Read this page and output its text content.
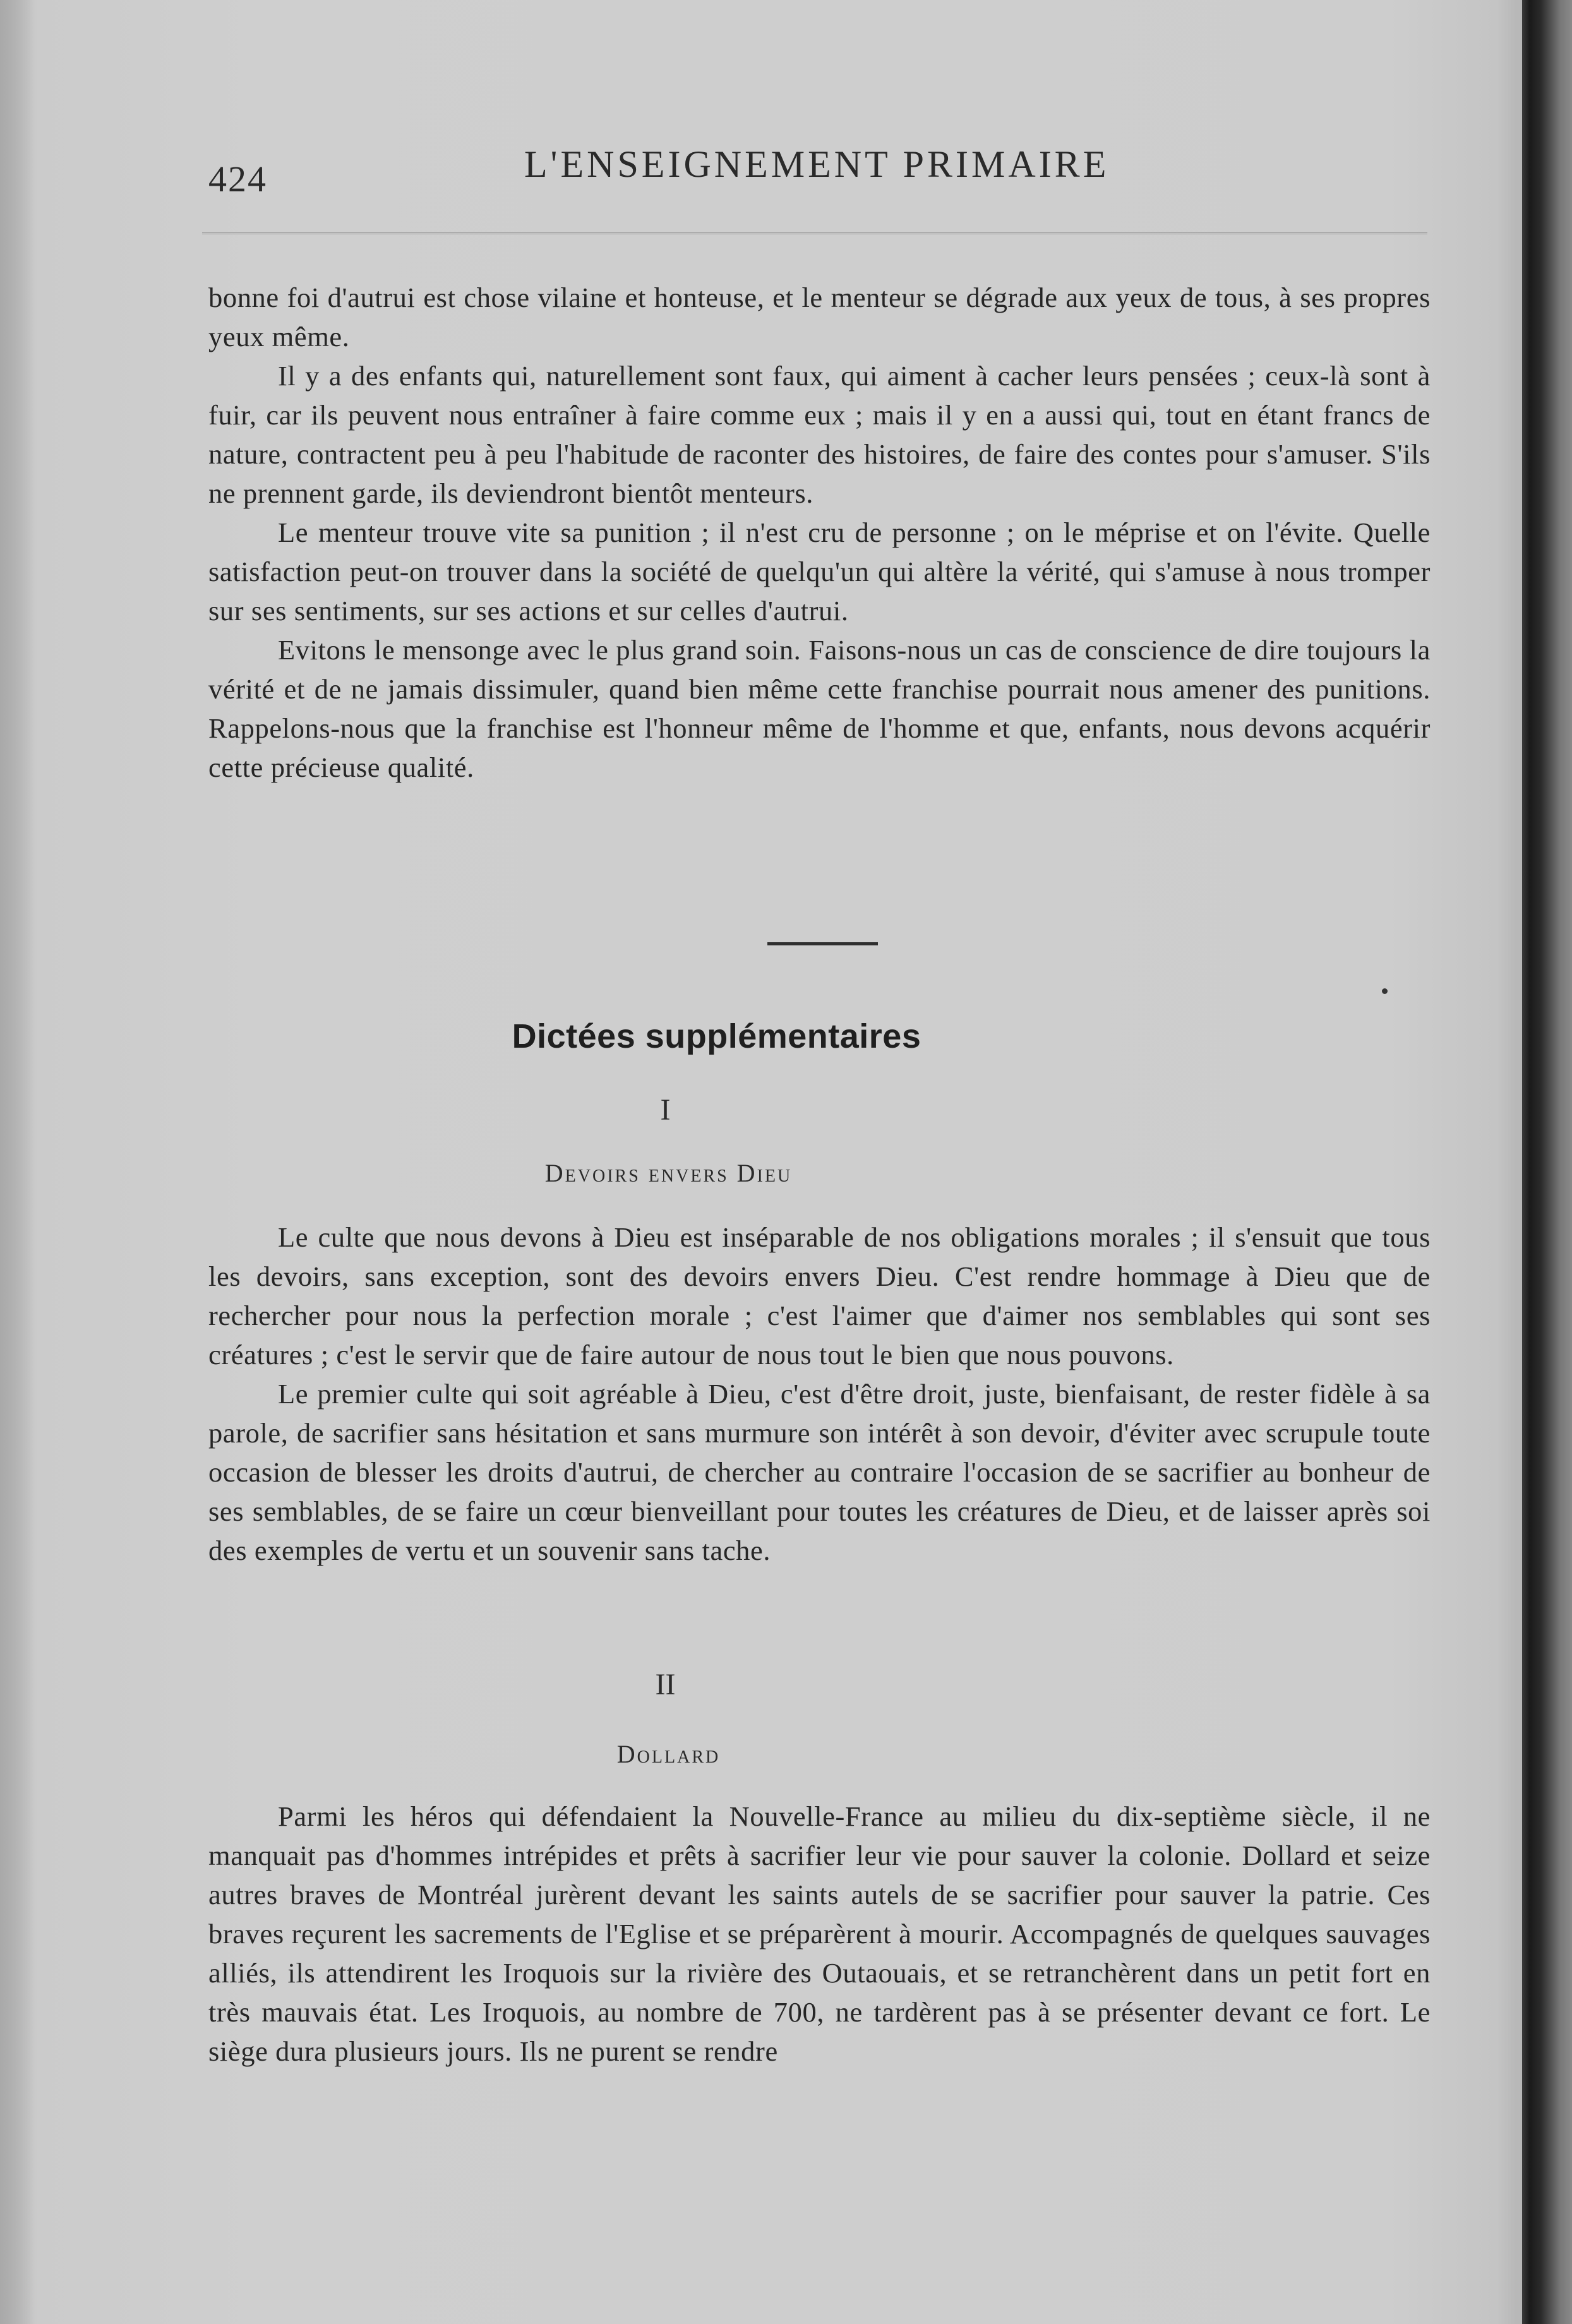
424	L'ENSEIGNEMENT PRIMAIRE

bonne foi d'autrui est chose vilaine et honteuse, et le menteur se dégrade aux yeux de tous, à ses propres yeux même.

Il y a des enfants qui, naturellement sont faux, qui aiment à cacher leurs pensées ; ceux-là sont à fuir, car ils peuvent nous entraîner à faire comme eux ; mais il y en a aussi qui, tout en étant francs de nature, contractent peu à peu l'habitude de raconter des histoires, de faire des contes pour s'amuser. S'ils ne prennent garde, ils deviendront bientôt menteurs.

Le menteur trouve vite sa punition ; il n'est cru de personne ; on le méprise et on l'évite. Quelle satisfaction peut-on trouver dans la société de quelqu'un qui altère la vérité, qui s'amuse à nous tromper sur ses sentiments, sur ses actions et sur celles d'autrui.

Evitons le mensonge avec le plus grand soin. Faisons-nous un cas de conscience de dire toujours la vérité et de ne jamais dissimuler, quand bien même cette franchise pourrait nous amener des punitions. Rappelons-nous que la franchise est l'honneur même de l'homme et que, enfants, nous devons acquérir cette précieuse qualité.

Dictées supplémentaires
I
Devoirs envers Dieu

Le culte que nous devons à Dieu est inséparable de nos obligations morales ; il s'ensuit que tous les devoirs, sans exception, sont des devoirs envers Dieu. C'est rendre hommage à Dieu que de rechercher pour nous la perfection morale ; c'est l'aimer que d'aimer nos semblables qui sont ses créatures ; c'est le servir que de faire autour de nous tout le bien que nous pouvons.

Le premier culte qui soit agréable à Dieu, c'est d'être droit, juste, bienfaisant, de rester fidèle à sa parole, de sacrifier sans hésitation et sans murmure son intérêt à son devoir, d'éviter avec scrupule toute occasion de blesser les droits d'autrui, de chercher au contraire l'occasion de se sacrifier au bonheur de ses semblables, de se faire un cœur bienveillant pour toutes les créatures de Dieu, et de laisser après soi des exemples de vertu et un souvenir sans tache.

II
Dollard

Parmi les héros qui défendaient la Nouvelle-France au milieu du dix-septième siècle, il ne manquait pas d'hommes intrépides et prêts à sacrifier leur vie pour sauver la colonie. Dollard et seize autres braves de Montréal jurèrent devant les saints autels de se sacrifier pour sauver la patrie. Ces braves reçurent les sacrements de l'Eglise et se préparèrent à mourir. Accompagnés de quelques sauvages alliés, ils attendirent les Iroquois sur la rivière des Outaouais, et se retranchèrent dans un petit fort en très mauvais état. Les Iroquois, au nombre de 700, ne tardèrent pas à se présenter devant ce fort. Le siège dura plusieurs jours. Ils ne purent se rendre
